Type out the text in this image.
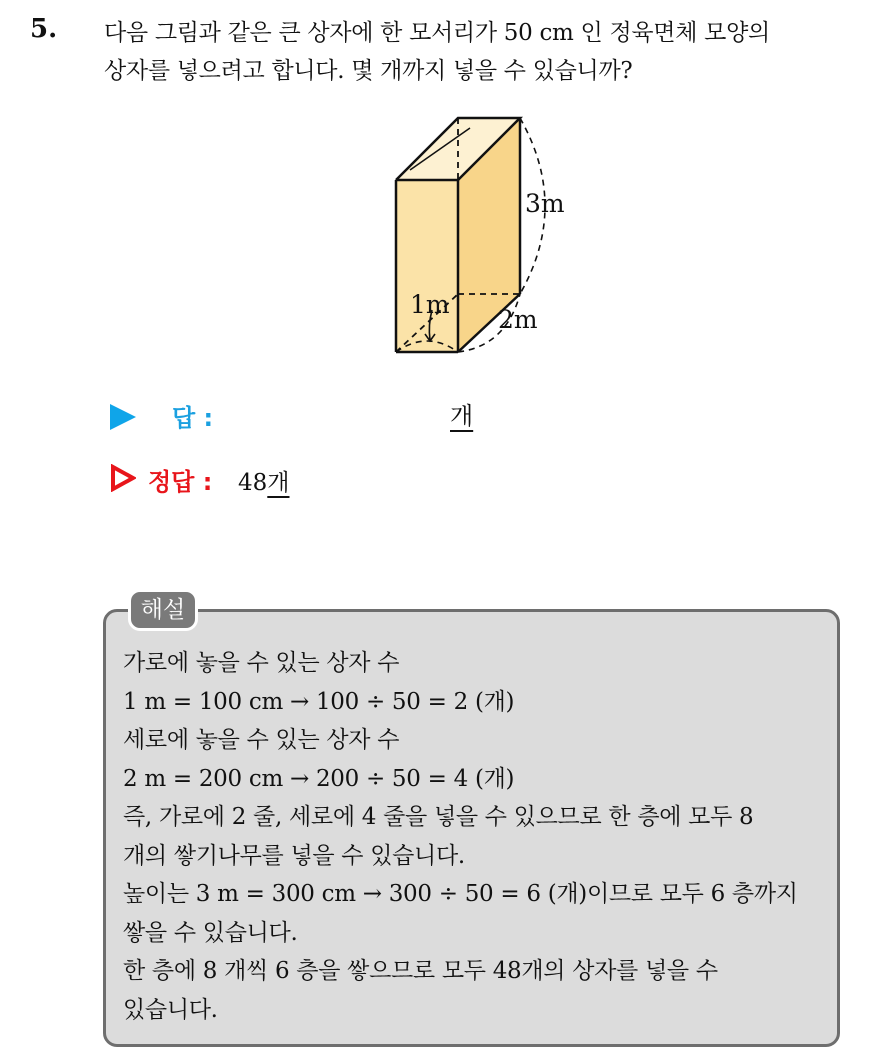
5. 다음 그림과 같은 큰 상자에 한 모서리가 50 cm 인 정육면체 모양의
상자를 넣으려고 합니다. 몇 개까지 넣을 수 있습니까?
3m
1m
2m
답 :	개
정답 : 48개
해설
가로에 놓을 수 있는 상자 수
1 m = 100 cm → 100 ÷ 50 = 2 (개)
세로에 놓을 수 있는 상자 수
2 m = 200 cm → 200 ÷ 50 = 4 (개)
즉, 가로에 2 줄, 세로에 4 줄을 넣을 수 있으므로 한 층에 모두 8
개의 쌓기나무를 넣을 수 있습니다.
높이는 3 m = 300 cm → 300 ÷ 50 = 6 (개)이므로 모두 6 층까지
쌓을 수 있습니다.
한 층에 8 개씩 6 층을 쌓으므로 모두 48개의 상자를 넣을 수
있습니다.
